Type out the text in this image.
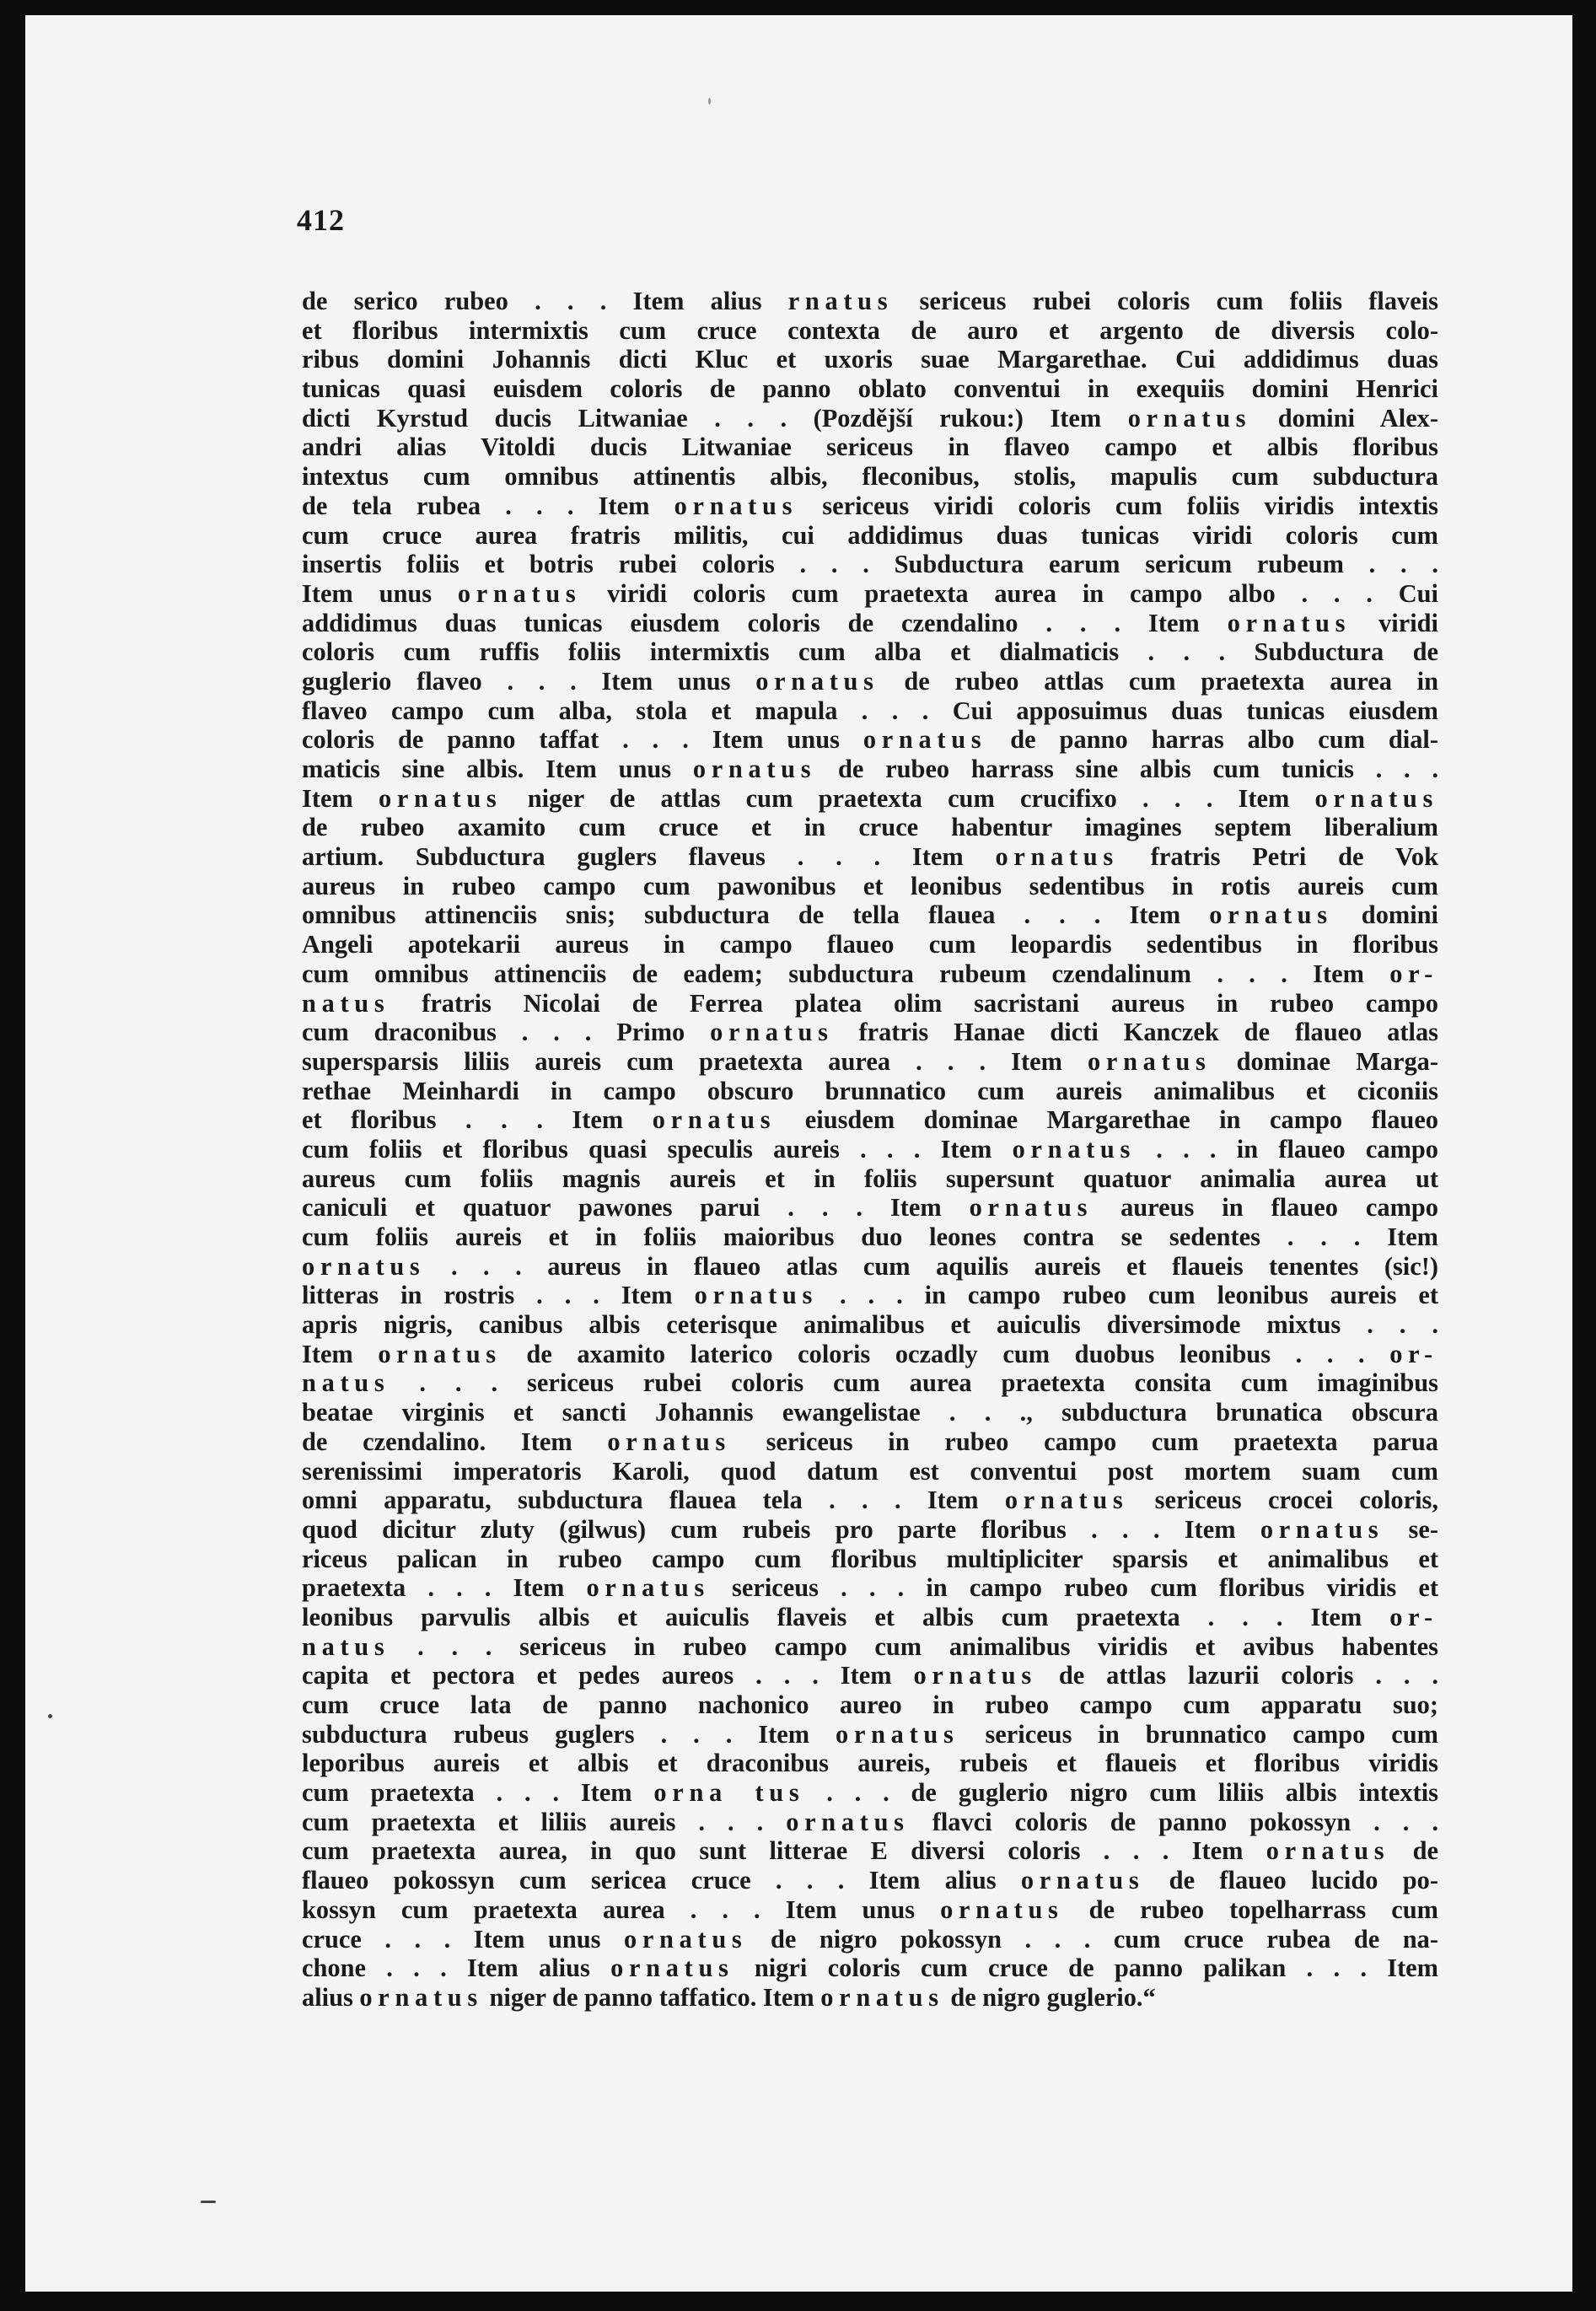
412
de serico rubeo . . . Item alius rnatus sericeus rubei coloris cum foliis flaveis
et floribus intermixtis cum cruce contexta de auro et argento de diversis colo-
ribus domini Johannis dicti Kluc et uxoris suae Margarethae. Cui addidimus duas
tunicas quasi euisdem coloris de panno oblato conventui in exequiis domini Henrici
dicti Kyrstud ducis Litwaniae . . . (Pozdější rukou:) Item ornatus domini Alex-
andri alias Vitoldi ducis Litwaniae sericeus in flaveo campo et albis floribus
intextus cum omnibus attinentis albis, fleconibus, stolis, mapulis cum subductura
de tela rubea . . . Item ornatus sericeus viridi coloris cum foliis viridis intextis
cum cruce aurea fratris militis, cui addidimus duas tunicas viridi coloris cum
insertis foliis et botris rubei coloris . . . Subductura earum sericum rubeum . . .
Item unus ornatus viridi coloris cum praetexta aurea in campo albo . . . Cui
addidimus duas tunicas eiusdem coloris de czendalino . . . Item ornatus viridi
coloris cum ruffis foliis intermixtis cum alba et dialmaticis . . . Subductura de
guglerio flaveo . . . Item unus ornatus de rubeo attlas cum praetexta aurea in
flaveo campo cum alba, stola et mapula . . . Cui apposuimus duas tunicas eiusdem
coloris de panno taffat . . . Item unus ornatus de panno harras albo cum dial-
maticis sine albis. Item unus ornatus de rubeo harrass sine albis cum tunicis . . .
Item ornatus niger de attlas cum praetexta cum crucifixo . . . Item ornatus
de rubeo axamito cum cruce et in cruce habentur imagines septem liberalium
artium. Subductura guglers flaveus . . . Item ornatus fratris Petri de Vok
aureus in rubeo campo cum pawonibus et leonibus sedentibus in rotis aureis cum
omnibus attinenciis snis; subductura de tella flauea . . . Item ornatus domini
Angeli apotekarii aureus in campo flaueo cum leopardis sedentibus in floribus
cum omnibus attinenciis de eadem; subductura rubeum czendalinum . . . Item or-
natus fratris Nicolai de Ferrea platea olim sacristani aureus in rubeo campo
cum draconibus . . . Primo ornatus fratris Hanae dicti Kanczek de flaueo atlas
supersparsis liliis aureis cum praetexta aurea . . . Item ornatus dominae Marga-
rethae Meinhardi in campo obscuro brunnatico cum aureis animalibus et ciconiis
et floribus . . . Item ornatus eiusdem dominae Margarethae in campo flaueo
cum foliis et floribus quasi speculis aureis . . . Item ornatus . . . in flaueo campo
aureus cum foliis magnis aureis et in foliis supersunt quatuor animalia aurea ut
caniculi et quatuor pawones parui . . . Item ornatus aureus in flaueo campo
cum foliis aureis et in foliis maioribus duo leones contra se sedentes . . . Item
ornatus . . . aureus in flaueo atlas cum aquilis aureis et flaueis tenentes (sic!)
litteras in rostris . . . Item ornatus . . . in campo rubeo cum leonibus aureis et
apris nigris, canibus albis ceterisque animalibus et auiculis diversimode mixtus . . .
Item ornatus de axamito laterico coloris oczadly cum duobus leonibus . . . or-
natus . . . sericeus rubei coloris cum aurea praetexta consita cum imaginibus
beatae virginis et sancti Johannis ewangelistae . . ., subductura brunatica obscura
de czendalino. Item ornatus sericeus in rubeo campo cum praetexta parua
serenissimi imperatoris Karoli, quod datum est conventui post mortem suam cum
omni apparatu, subductura flauea tela . . . Item ornatus sericeus crocei coloris,
quod dicitur zluty (gilwus) cum rubeis pro parte floribus . . . Item ornatus se-
riceus palican in rubeo campo cum floribus multipliciter sparsis et animalibus et
praetexta . . . Item ornatus sericeus . . . in campo rubeo cum floribus viridis et
leonibus parvulis albis et auiculis flaveis et albis cum praetexta . . . Item or-
natus . . . sericeus in rubeo campo cum animalibus viridis et avibus habentes
capita et pectora et pedes aureos . . . Item ornatus de attlas lazurii coloris . . .
cum cruce lata de panno nachonico aureo in rubeo campo cum apparatu suo;
subductura rubeus guglers . . . Item ornatus sericeus in brunnatico campo cum
leporibus aureis et albis et draconibus aureis, rubeis et flaueis et floribus viridis
cum praetexta . . . Item orna tus . . . de guglerio nigro cum liliis albis intextis
cum praetexta et liliis aureis . . . ornatus flavci coloris de panno pokossyn . . .
cum praetexta aurea, in quo sunt litterae E diversi coloris . . . Item ornatus de
flaueo pokossyn cum sericea cruce . . . Item alius ornatus de flaueo lucido po-
kossyn cum praetexta aurea . . . Item unus ornatus de rubeo topelharrass cum
cruce . . . Item unus ornatus de nigro pokossyn . . . cum cruce rubea de na-
chone . . . Item alius ornatus nigri coloris cum cruce de panno palikan . . . Item
alius ornatus niger de panno taffatico. Item ornatus de nigro guglerio.“
